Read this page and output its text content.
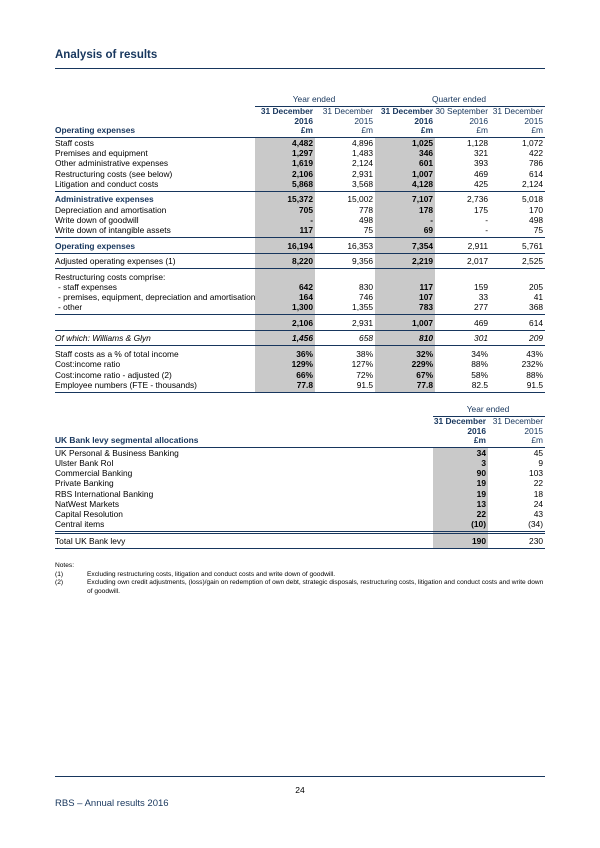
Analysis of results
	Year ended		Quarter ended		
Operating expenses	
31 December
2016
£m

31 December
2015
£m

31 December
2016
£m

30 September
2016
£m

31 December
2015
£m

Staff costs	4,482	4,896	1,025	1,128	1,072
Premises and equipment	1,297	1,483	346	321	422
Other administrative expenses	1,619	2,124	601	393	786
Restructuring costs (see below)	2,106	2,931	1,007	469	614
Litigation and conduct costs	5,868	3,568	4,128	425	2,124
Administrative expenses	15,372	15,002	7,107	2,736	5,018
Depreciation and amortisation	705	778	178	175	170
Write down of goodwill	-	498	-	-	498
Write down of intangible assets	117	75	69	-	75
Operating expenses	16,194	16,353	7,354	2,911	5,761
Adjusted operating expenses (1)	8,220	9,356	2,219	2,017	2,525
Restructuring costs comprise:					
- staff expenses	642	830	117	159	205
- premises, equipment, depreciation and amortisation	164	746	107	33	41
- other	1,300	1,355	783	277	368
	2,106	2,931	1,007	469	614
Of which: Williams & Glyn	1,456	658	810	301	209
Staff costs as a % of total income	36%	38%	32%	34%	43%
Cost:income ratio	129%	127%	229%	88%	232%
Cost:income ratio - adjusted (2)	66%	72%	67%	58%	88%
Employee numbers (FTE - thousands)	77.8	91.5	77.8	82.5	91.5
	Year ended	
UK Bank levy segmental allocations	
31 December
2016
£m

31 December
2015
£m

UK Personal & Business Banking	34	45
Ulster Bank RoI	3	9
Commercial Banking	90	103
Private Banking	19	22
RBS International Banking	19	18
NatWest Markets	13	24
Capital Resolution	22	43
Central items	(10)	(34)
Total UK Bank levy	190	230
Notes:
(1)	Excluding restructuring costs, litigation and conduct costs and write down of goodwill.
(2)	Excluding own credit adjustments, (loss)/gain on redemption of own debt, strategic disposals, restructuring costs, litigation and conduct costs and write down of goodwill.
24
RBS – Annual results 2016
